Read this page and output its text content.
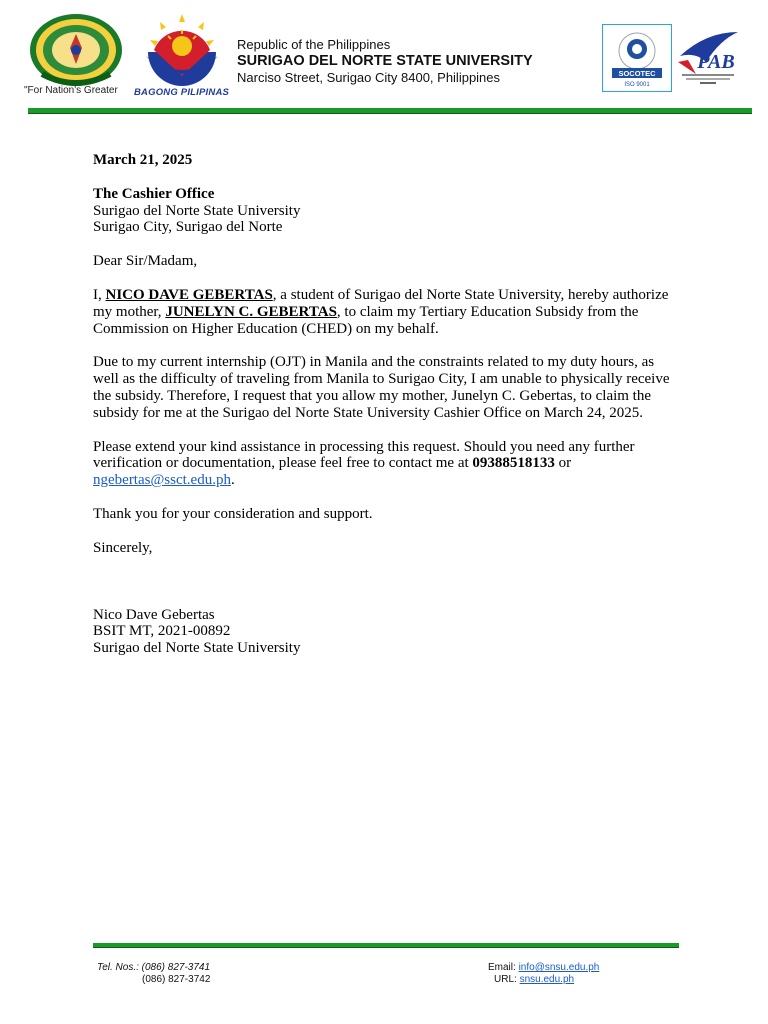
"For Nation's Greater BAGONG PILIPINAS
Republic of the Philippines
SURIGAO DEL NORTE STATE UNIVERSITY
Narciso Street, Surigao City 8400, Philippines	SOCOTEC
ISO 9001
PAB

March 21, 2025

The Cashier Office

Surigao del Norte State University

Surigao City, Surigao del Norte

Dear Sir/Madam,

I, NICO DAVE GEBERTAS, a student of Surigao del Norte State University, hereby authorize my mother, JUNELYN C. GEBERTAS, to claim my Tertiary Education Subsidy from the Commission on Higher Education (CHED) on my behalf.

Due to my current internship (OJT) in Manila and the constraints related to my duty hours, as well as the difficulty of traveling from Manila to Surigao City, I am unable to physically receive the subsidy. Therefore, I request that you allow my mother, Junelyn C. Gebertas, to claim the subsidy for me at the Surigao del Norte State University Cashier Office on March 24, 2025.

Please extend your kind assistance in processing this request. Should you need any further verification or documentation, please feel free to contact me at 09388518133 or ngebertas@ssct.edu.ph.

Thank you for your consideration and support.

Sincerely,

Nico Dave Gebertas

BSIT MT, 2021-00892

Surigao del Norte State University

Tel. Nos.: (086) 827-3741
(086) 827-3742
Email: info@snsu.edu.ph
URL: snsu.edu.ph
